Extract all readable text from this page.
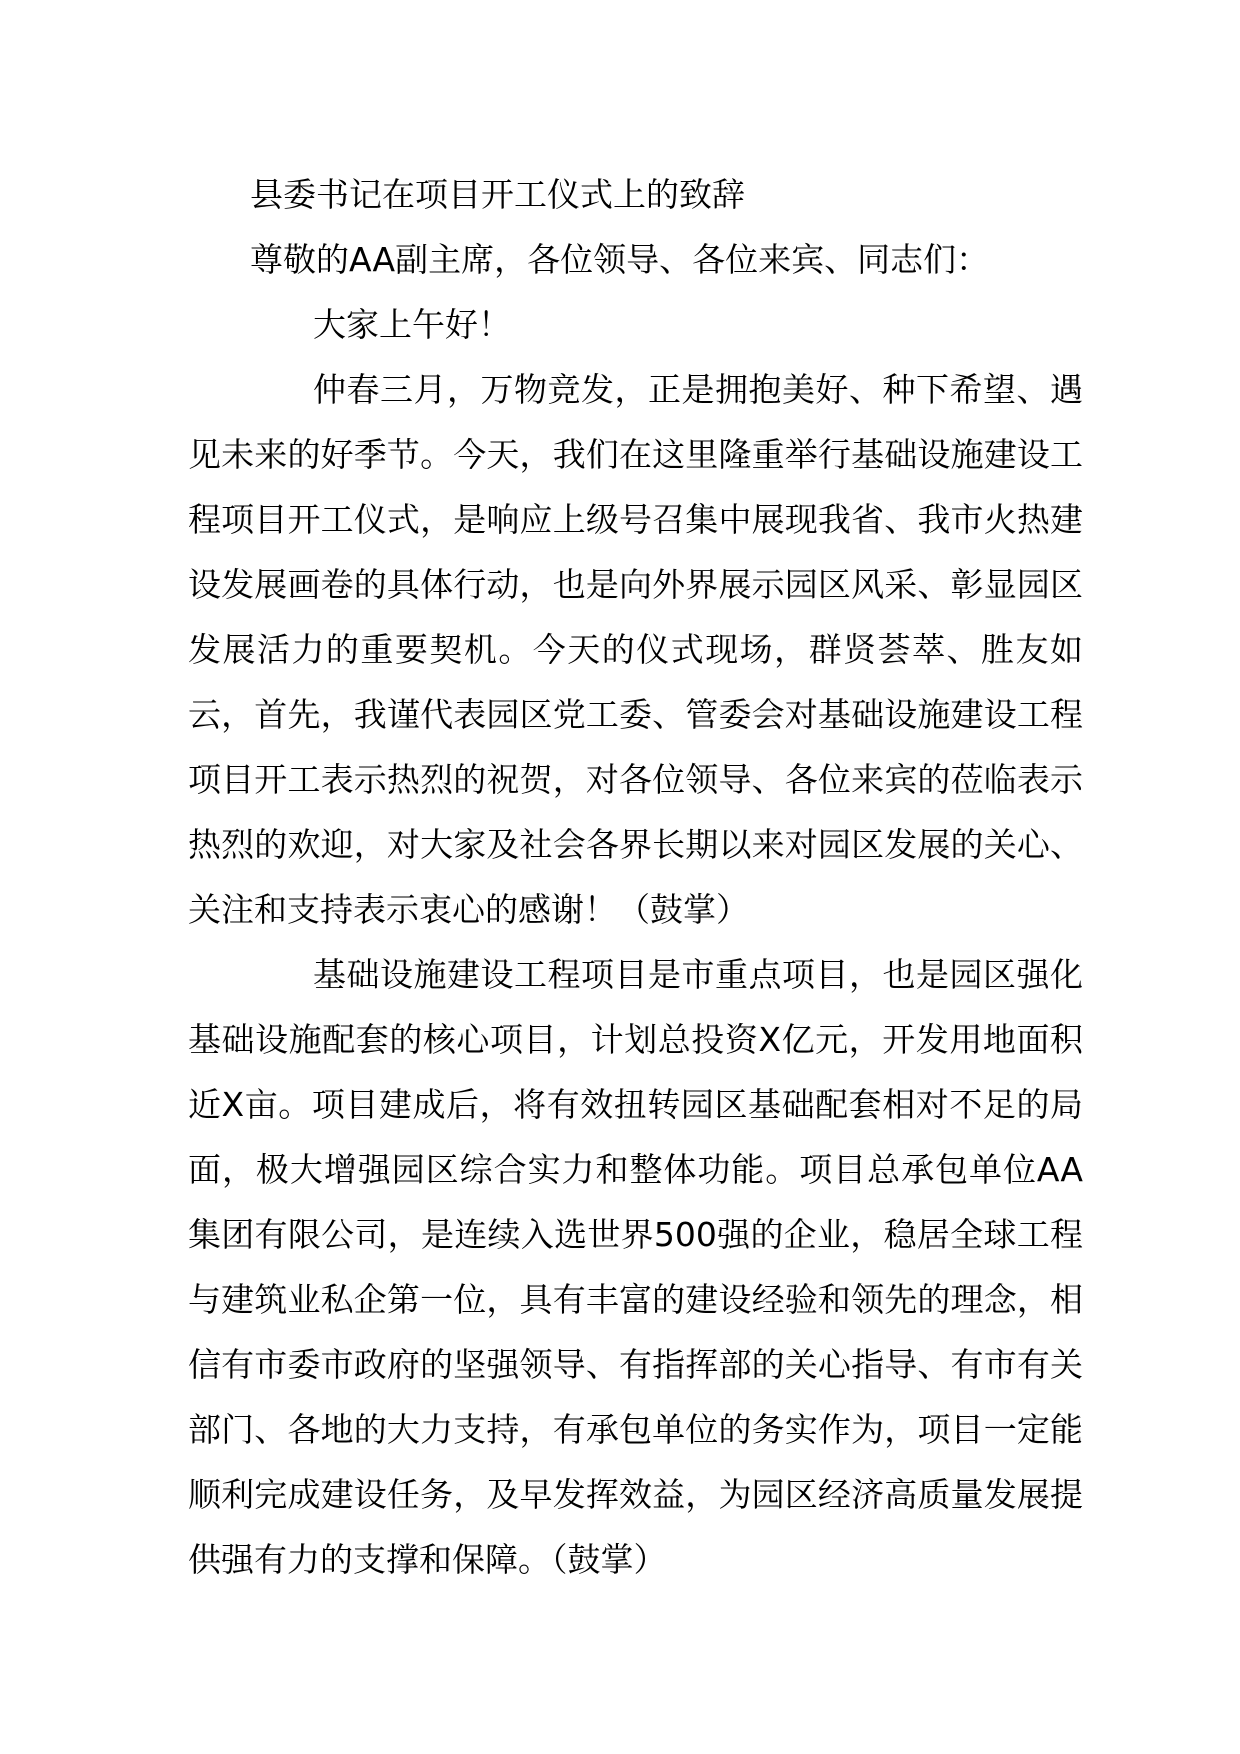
县委书记在项目开工仪式上的致辞
尊敬的AA副主席，各位领导、各位来宾、同志们：
大家上午好！
仲春三月，万物竞发，正是拥抱美好、种下希望、遇见未来的好季节。今天，我们在这里隆重举行基础设施建设工程项目开工仪式，是响应上级号召集中展现我省、我市火热建设发展画卷的具体行动，也是向外界展示园区风采、彰显园区发展活力的重要契机。今天的仪式现场，群贤荟萃、胜友如云，首先，我谨代表园区党工委、管委会对基础设施建设工程项目开工表示热烈的祝贺，对各位领导、各位来宾的莅临表示热烈的欢迎，对大家及社会各界长期以来对园区发展的关心、关注和支持表示衷心的感谢！（鼓掌）
基础设施建设工程项目是市重点项目，也是园区强化基础设施配套的核心项目，计划总投资X亿元，开发用地面积近X亩。项目建成后，将有效扭转园区基础配套相对不足的局面，极大增强园区综合实力和整体功能。项目总承包单位AA集团有限公司，是连续入选世界500强的企业，稳居全球工程与建筑业私企第一位，具有丰富的建设经验和领先的理念，相信有市委市政府的坚强领导、有指挥部的关心指导、有市有关部门、各地的大力支持，有承包单位的务实作为，项目一定能顺利完成建设任务，及早发挥效益，为园区经济高质量发展提供强有力的支撑和保障。（鼓掌）
